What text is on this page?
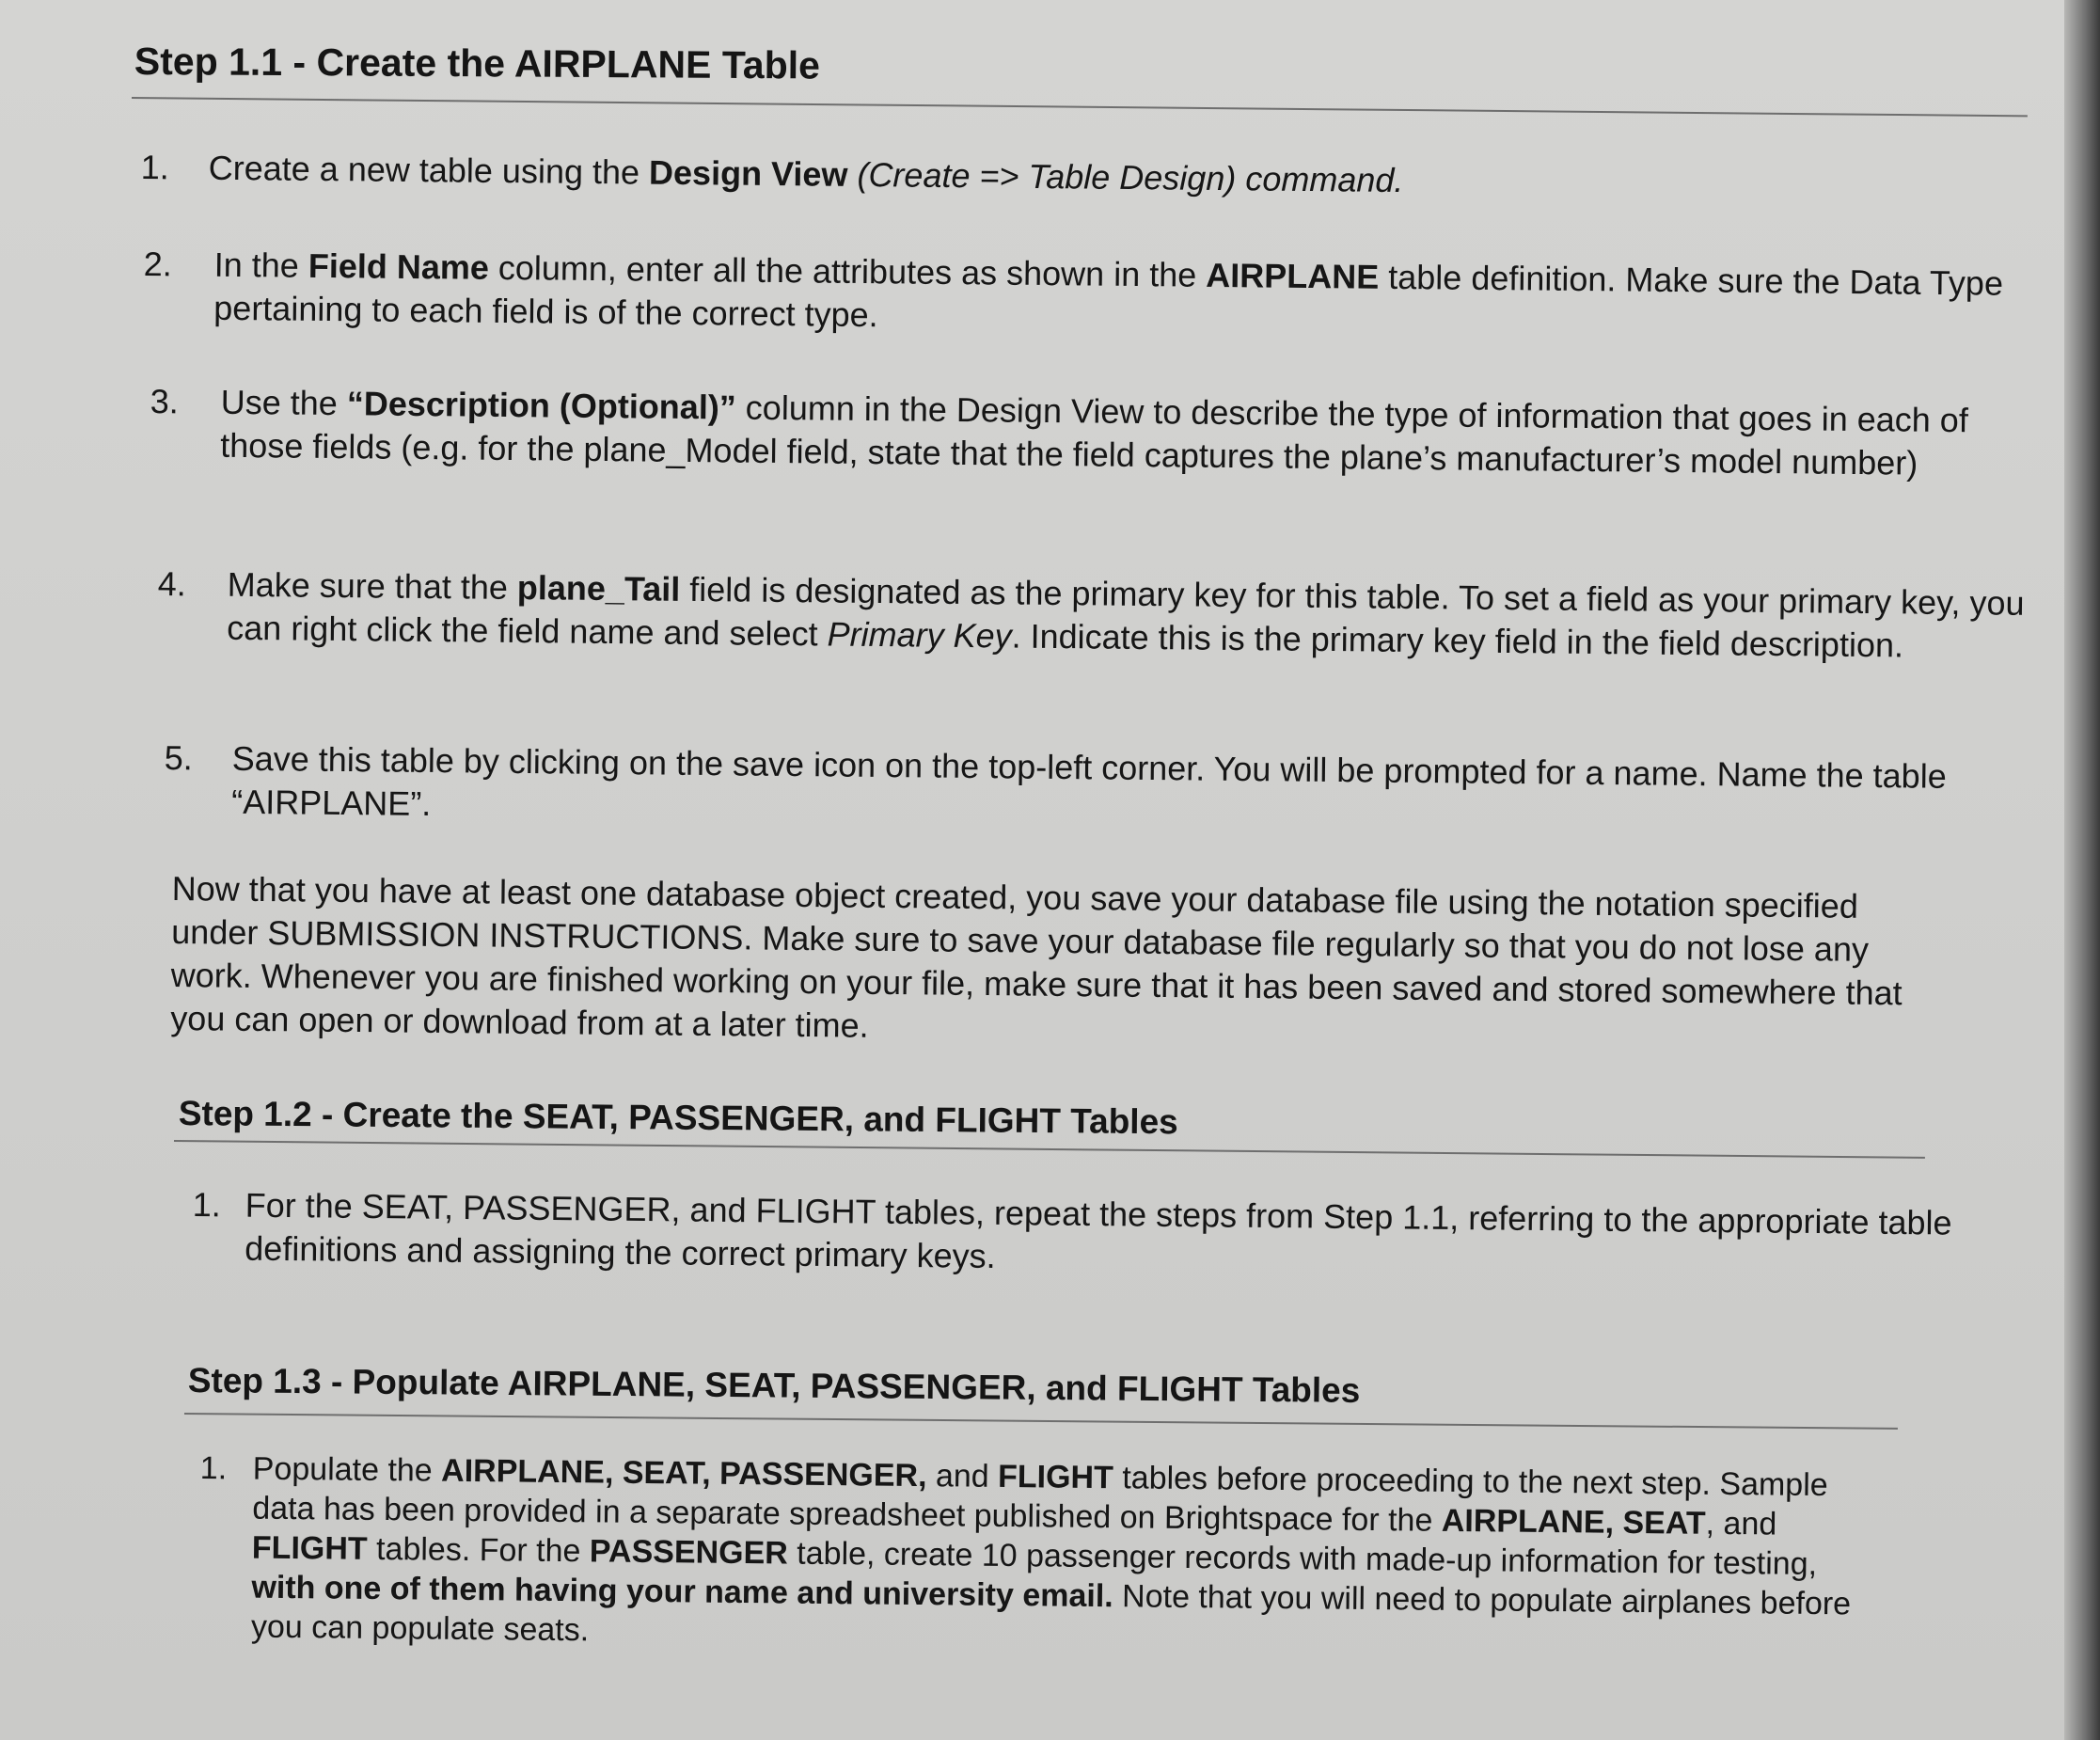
Step 1.1 - Create the AIRPLANE Table
1. Create a new table using the Design View (Create => Table Design) command.
2. In the Field Name column, enter all the attributes as shown in the AIRPLANE table definition. Make sure the Data Type pertaining to each field is of the correct type.
3. Use the “Description (Optional)” column in the Design View to describe the type of information that goes in each of those fields (e.g. for the plane_Model field, state that the field captures the plane’s manufacturer’s model number)
4. Make sure that the plane_Tail field is designated as the primary key for this table. To set a field as your primary key, you can right click the field name and select Primary Key. Indicate this is the primary key field in the field description.
5. Save this table by clicking on the save icon on the top-left corner. You will be prompted for a name. Name the table “AIRPLANE”.
Now that you have at least one database object created, you save your database file using the notation specified under SUBMISSION INSTRUCTIONS. Make sure to save your database file regularly so that you do not lose any work. Whenever you are finished working on your file, make sure that it has been saved and stored somewhere that you can open or download from at a later time.
Step 1.2 - Create the SEAT, PASSENGER, and FLIGHT Tables
1. For the SEAT, PASSENGER, and FLIGHT tables, repeat the steps from Step 1.1, referring to the appropriate table definitions and assigning the correct primary keys.
Step 1.3 - Populate AIRPLANE, SEAT, PASSENGER, and FLIGHT Tables
1. Populate the AIRPLANE, SEAT, PASSENGER, and FLIGHT tables before proceeding to the next step. Sample data has been provided in a separate spreadsheet published on Brightspace for the AIRPLANE, SEAT, and FLIGHT tables. For the PASSENGER table, create 10 passenger records with made-up information for testing, with one of them having your name and university email. Note that you will need to populate airplanes before you can populate seats.
